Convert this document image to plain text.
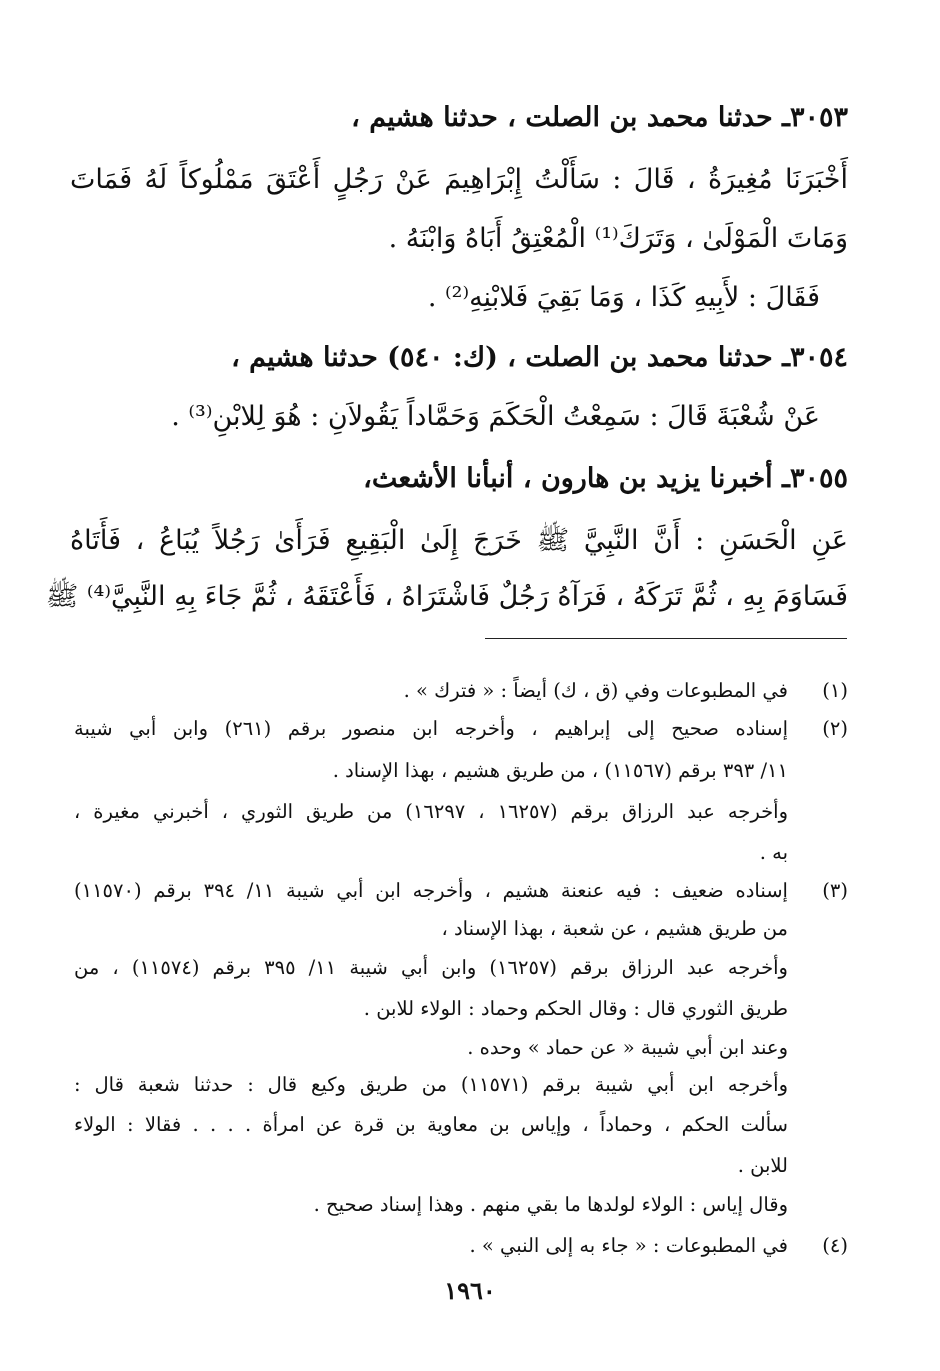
٣٠٥٣ـ حدثنا محمد بن الصلت ، حدثنا هشيم ،
أَخْبَرَنَا مُغِيرَةُ ، قَالَ : سَأَلْتُ إِبْرَاهِيمَ عَنْ رَجُلٍ أَعْتَقَ مَمْلُوكاً لَهُ فَمَاتَ
وَمَاتَ الْمَوْلَىٰ ، وَتَرَكَ⁽¹⁾ الْمُعْتِقُ أَبَاهُ وَابْنَهُ .
فَقَالَ : لأَبِيهِ كَذَا ، وَمَا بَقِيَ فَلابْنِهِ⁽²⁾ .
٣٠٥٤ـ حدثنا محمد بن الصلت ، (ك: ٥٤٠) حدثنا هشيم ،
عَنْ شُعْبَةَ قَالَ : سَمِعْتُ الْحَكَمَ وَحَمَّاداً يَقُولاَنِ : هُوَ لِلابْنِ⁽³⁾ .
٣٠٥٥ـ أخبرنا يزيد بن هارون ، أنبأنا الأشعث،
عَنِ الْحَسَنِ : أَنَّ النَّبِيَّ ﷺ خَرَجَ إِلَىٰ الْبَقِيعِ فَرَأَىٰ رَجُلاً يُبَاعُ ، فَأَتَاهُ
فَسَاوَمَ بِهِ ، ثُمَّ تَرَكَهُ ، فَرَآهُ رَجُلٌ فَاشْتَرَاهُ ، فَأَعْتَقَهُ ، ثُمَّ جَاءَ بِهِ النَّبِيَّ⁽⁴⁾ ﷺ
(١)
في المطبوعات وفي (ق ، ك) أيضاً : « فترك » .
(٢)
إسناده صحيح إلى إبراهيم ، وأخرجه ابن منصور برقم (٢٦١) وابن أبي شيبة
١١/ ٣٩٣ برقم (١١٥٦٧) ، من طريق هشيم ، بهذا الإسناد .
وأخرجه عبد الرزاق برقم (١٦٢٥٧ ، ١٦٢٩٧) من طريق الثوري ، أخبرني مغيرة ،
به .
(٣)
إسناده ضعيف : فيه عنعنة هشيم ، وأخرجه ابن أبي شيبة ١١/ ٣٩٤ برقم (١١٥٧٠)
من طريق هشيم ، عن شعبة ، بهذا الإسناد ،
وأخرجه عبد الرزاق برقم (١٦٢٥٧) وابن أبي شيبة ١١/ ٣٩٥ برقم (١١٥٧٤) ، من
طريق الثوري قال : وقال الحكم وحماد : الولاء للابن .
وعند ابن أبي شيبة « عن حماد » وحده .
وأخرجه ابن أبي شيبة برقم (١١٥٧١) من طريق وكيع قال : حدثنا شعبة قال :
سألت الحكم ، وحماداً ، وإياس بن معاوية بن قرة عن امرأة . . . . فقالا : الولاء
للابن .
وقال إياس : الولاء لولدها ما بقي منهم . وهذا إسناد صحيح .
(٤)
في المطبوعات : « جاء به إلى النبي » .
١٩٦٠
